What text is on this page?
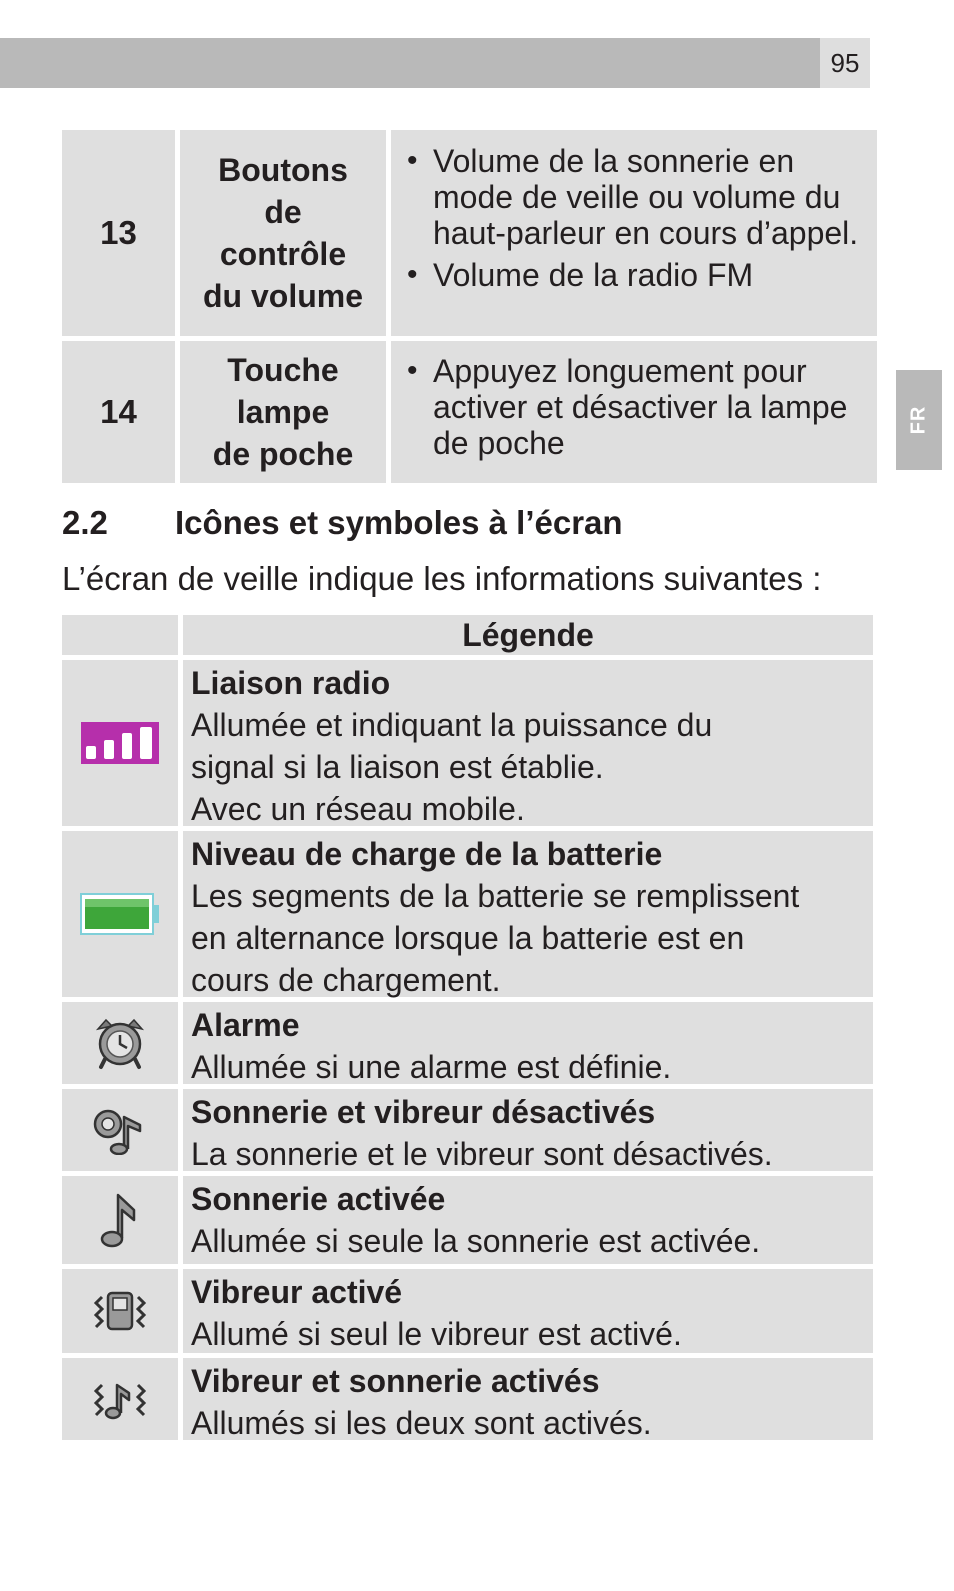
95
FR
13
Boutons
de
contrôle
du volume
• Volume de la sonnerie en mode de veille ou volume du haut-parleur en cours d’appel.
• Volume de la radio FM
14
Touche
lampe
de poche
• Appuyez longuement pour activer et désactiver la lampe de poche
2.2 Icônes et symboles à l’écran
L’écran de veille indique les informations suivantes :
Légende
Liaison radio
Allumée et indiquant la puissance du
signal si la liaison est établie.
Avec un réseau mobile.
Niveau de charge de la batterie
Les segments de la batterie se remplissent
en alternance lorsque la batterie est en
cours de chargement.
Alarme
Allumée si une alarme est définie.
Sonnerie et vibreur désactivés
La sonnerie et le vibreur sont désactivés.
Sonnerie activée
Allumée si seule la sonnerie est activée.
Vibreur activé
Allumé si seul le vibreur est activé.
Vibreur et sonnerie activés
Allumés si les deux sont activés.
